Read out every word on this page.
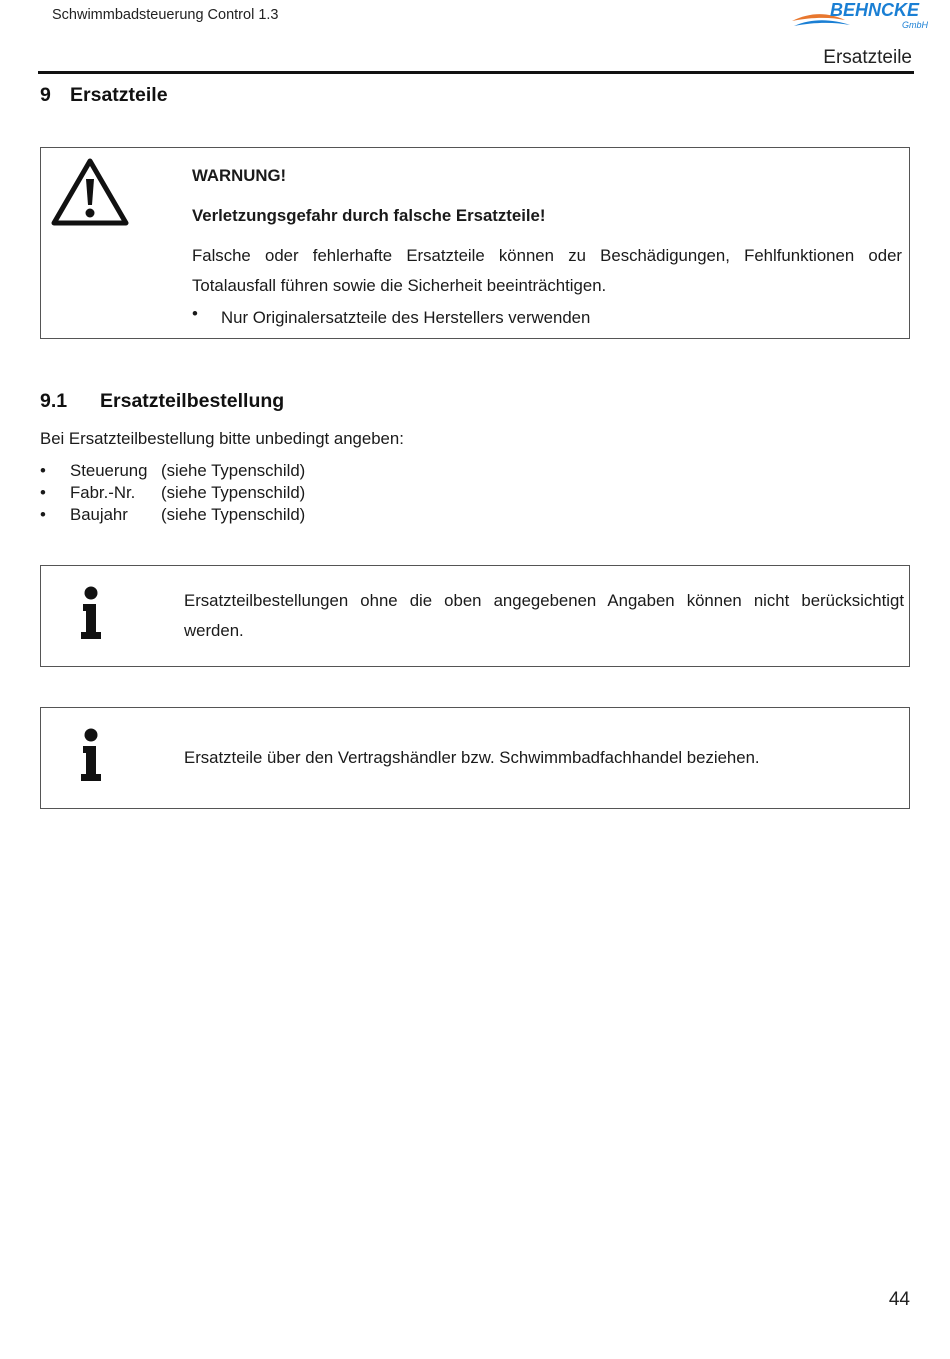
Schwimmbadsteuerung Control 1.3	BEHNCKE
GmbH
Ersatzteile
9 Ersatzteile
WARNUNG!
Verletzungsgefahr durch falsche Ersatzteile!
Falsche oder fehlerhafte Ersatzteile können zu Beschädigungen, Fehlfunktionen oder
Totalausfall führen sowie die Sicherheit beeinträchtigen.
• Nur Originalersatzteile des Herstellers verwenden
9.1 Ersatzteilbestellung
Bei Ersatzteilbestellung bitte unbedingt angeben:
• Steuerung (siehe Typenschild)
• Fabr.-Nr. (siehe Typenschild)
• Baujahr (siehe Typenschild)
Ersatzteilbestellungen ohne die oben angegebenen Angaben können nicht berücksichtigt
werden.
Ersatzteile über den Vertragshändler bzw. Schwimmbadfachhandel beziehen.
44
